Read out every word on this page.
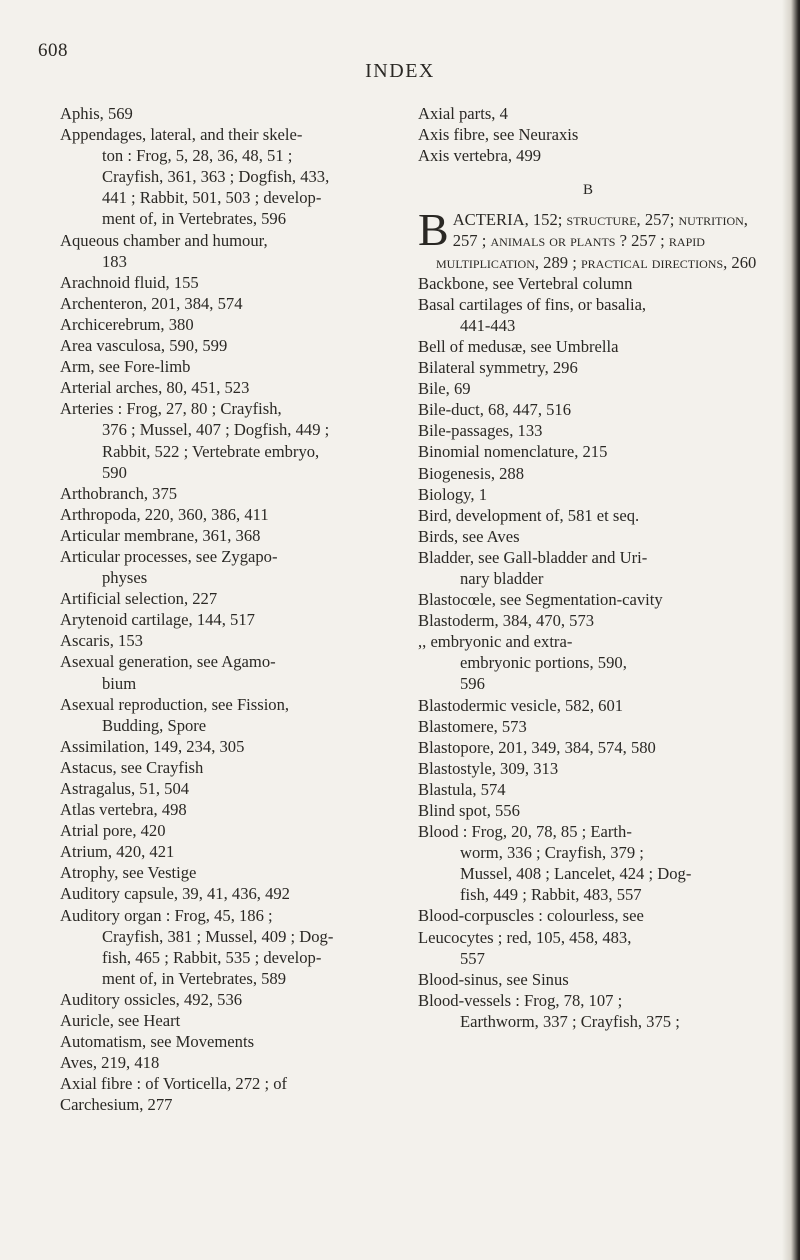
608
INDEX

Aphis, 569

Appendages, lateral, and their skele-

ton : Frog, 5, 28, 36, 48, 51 ;

Crayfish, 361, 363 ; Dogfish, 433,

441 ; Rabbit, 501, 503 ; develop-

ment of, in Vertebrates, 596

Aqueous chamber and humour,

183

Arachnoid fluid, 155

Archenteron, 201, 384, 574

Archicerebrum, 380

Area vasculosa, 590, 599

Arm, see Fore-limb

Arterial arches, 80, 451, 523

Arteries : Frog, 27, 80 ; Crayfish,

376 ; Mussel, 407 ; Dogfish, 449 ;

Rabbit, 522 ; Vertebrate embryo,

590

Arthobranch, 375

Arthropoda, 220, 360, 386, 411

Articular membrane, 361, 368

Articular processes, see Zygapo-

physes

Artificial selection, 227

Arytenoid cartilage, 144, 517

Ascaris, 153

Asexual generation, see Agamo-

bium

Asexual reproduction, see Fission,

Budding, Spore

Assimilation, 149, 234, 305

Astacus, see Crayfish

Astragalus, 51, 504

Atlas vertebra, 498

Atrial pore, 420

Atrium, 420, 421

Atrophy, see Vestige

Auditory capsule, 39, 41, 436, 492

Auditory organ : Frog, 45, 186 ;

Crayfish, 381 ; Mussel, 409 ; Dog-

fish, 465 ; Rabbit, 535 ; develop-

ment of, in Vertebrates, 589

Auditory ossicles, 492, 536

Auricle, see Heart

Automatism, see Movements

Aves, 219, 418

Axial fibre : of Vorticella, 272 ; of

Carchesium, 277

Axial parts, 4

Axis fibre, see Neuraxis

Axis vertebra, 499

B

BACTERIA, 152; structure, 257; nutrition, 257 ; animals or plants ? 257 ; rapid multiplication, 289 ; practical directions, 260

Backbone, see Vertebral column

Basal cartilages of fins, or basalia,

441-443

Bell of medusæ, see Umbrella

Bilateral symmetry, 296

Bile, 69

Bile-duct, 68, 447, 516

Bile-passages, 133

Binomial nomenclature, 215

Biogenesis, 288

Biology, 1

Bird, development of, 581 et seq.

Birds, see Aves

Bladder, see Gall-bladder and Uri-

nary bladder

Blastocœle, see Segmentation-cavity

Blastoderm, 384, 470, 573

,, embryonic and extra-

embryonic portions, 590,

596

Blastodermic vesicle, 582, 601

Blastomere, 573

Blastopore, 201, 349, 384, 574, 580

Blastostyle, 309, 313

Blastula, 574

Blind spot, 556

Blood : Frog, 20, 78, 85 ; Earth-

worm, 336 ; Crayfish, 379 ;

Mussel, 408 ; Lancelet, 424 ; Dog-

fish, 449 ; Rabbit, 483, 557

Blood-corpuscles : colourless, see

Leucocytes ; red, 105, 458, 483,

557

Blood-sinus, see Sinus

Blood-vessels : Frog, 78, 107 ;

Earthworm, 337 ; Crayfish, 375 ;
